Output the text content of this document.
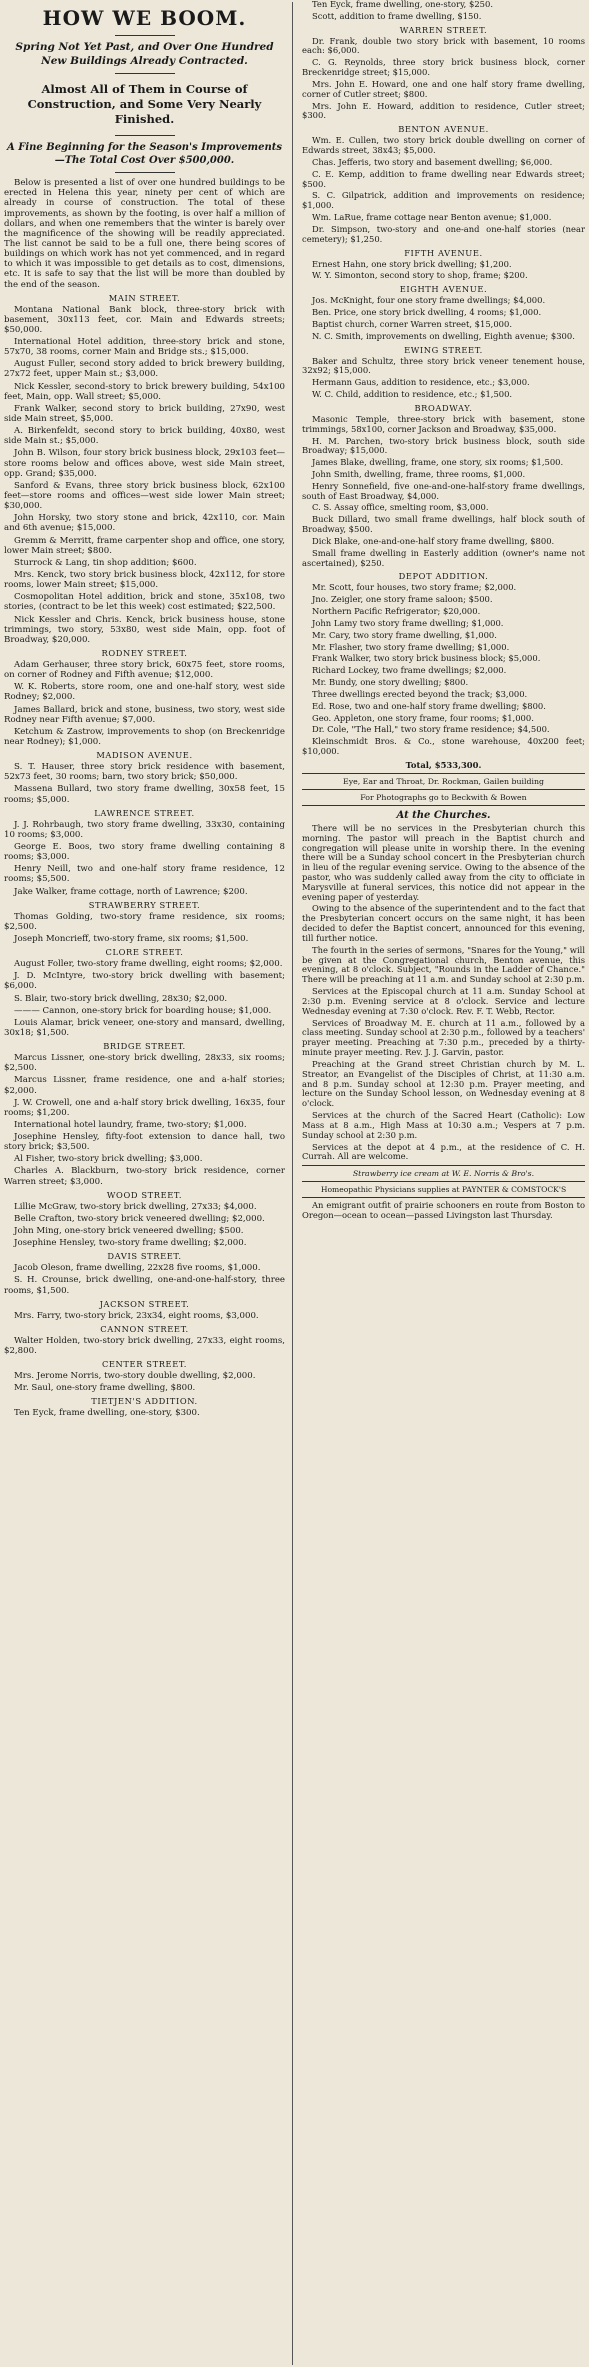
HOW WE BOOM.
Spring Not Yet Past, and Over One Hundred New Buildings Already Contracted.
Almost All of Them in Course of Construction, and Some Very Nearly Finished.
A Fine Beginning for the Season's Improvements—The Total Cost Over $500,000.

Below is presented a list of over one hundred buildings to be erected in Helena this year, ninety per cent of which are already in course of construction. The total of these improvements, as shown by the footing, is over half a million of dollars, and when one remembers that the winter is barely over the magnificence of the showing will be readily appreciated. The list cannot be said to be a full one, there being scores of buildings on which work has not yet commenced, and in regard to which it was impossible to get details as to cost, dimensions, etc. It is safe to say that the list will be more than doubled by the end of the season.

MAIN STREET.

Montana National Bank block, three-story brick with basement, 30x113 feet, cor. Main and Edwards streets; $50,000.

International Hotel addition, three-story brick and stone, 57x70, 38 rooms, corner Main and Bridge sts.; $15,000.

August Fuller, second story added to brick brewery building, 27x72 feet, upper Main st.; $3,000.

Nick Kessler, second-story to brick brewery building, 54x100 feet, Main, opp. Wall street; $5,000.

Frank Walker, second story to brick building, 27x90, west side Main street, $5,000.

A. Birkenfeldt, second story to brick building, 40x80, west side Main st.; $5,000.

John B. Wilson, four story brick business block, 29x103 feet—store rooms below and offices above, west side Main street, opp. Grand; $35,000.

Sanford & Evans, three story brick business block, 62x100 feet—store rooms and offices—west side lower Main street; $30,000.

John Horsky, two story stone and brick, 42x110, cor. Main and 6th avenue; $15,000.

Gremm & Merritt, frame carpenter shop and office, one story, lower Main street; $800.

Sturrock & Lang, tin shop addition; $600.

Mrs. Kenck, two story brick business block, 42x112, for store rooms, lower Main street; $15,000.

Cosmopolitan Hotel addition, brick and stone, 35x108, two stories, (contract to be let this week) cost estimated; $22,500.

Nick Kessler and Chris. Kenck, brick business house, stone trimmings, two story, 53x80, west side Main, opp. foot of Broadway, $20,000.

RODNEY STREET.

Adam Gerhauser, three story brick, 60x75 feet, store rooms, on corner of Rodney and Fifth avenue; $12,000.

W. K. Roberts, store room, one and one-half story, west side Rodney; $2,000.

James Ballard, brick and stone, business, two story, west side Rodney near Fifth avenue; $7,000.

Ketchum & Zastrow, improvements to shop (on Breckenridge near Rodney); $1,000.

MADISON AVENUE.

S. T. Hauser, three story brick residence with basement, 52x73 feet, 30 rooms; barn, two story brick; $50,000.

Massena Bullard, two story frame dwelling, 30x58 feet, 15 rooms; $5,000.

LAWRENCE STREET.

J. J. Rohrbaugh, two story frame dwelling, 33x30, containing 10 rooms; $3,000.

George E. Boos, two story frame dwelling containing 8 rooms; $3,000.

Henry Neill, two and one-half story frame residence, 12 rooms; $5,500.

Jake Walker, frame cottage, north of Lawrence; $200.

STRAWBERRY STREET.

Thomas Golding, two-story frame residence, six rooms; $2,500.

Joseph Moncrieff, two-story frame, six rooms; $1,500.

CLORE STREET.

August Foller, two-story frame dwelling, eight rooms; $2,000.

J. D. McIntyre, two-story brick dwelling with basement; $6,000.

S. Blair, two-story brick dwelling, 28x30; $2,000.

——— Cannon, one-story brick for boarding house; $1,000.

Louis Alamar, brick veneer, one-story and mansard, dwelling, 30x18; $1,500.

BRIDGE STREET.

Marcus Lissner, one-story brick dwelling, 28x33, six rooms; $2,500.

Marcus Lissner, frame residence, one and a-half stories; $2,000.

J. W. Crowell, one and a-half story brick dwelling, 16x35, four rooms; $1,200.

International hotel laundry, frame, two-story; $1,000.

Josephine Hensley, fifty-foot extension to dance hall, two story brick; $3,500.

Al Fisher, two-story brick dwelling; $3,000.

Charles A. Blackburn, two-story brick residence, corner Warren street; $3,000.

WOOD STREET.

Lillie McGraw, two-story brick dwelling, 27x33; $4,000.

Belle Crafton, two-story brick veneered dwelling; $2,000.

John Ming, one-story brick veneered dwelling; $500.

Josephine Hensley, two-story frame dwelling; $2,000.

DAVIS STREET.

Jacob Oleson, frame dwelling, 22x28 five rooms, $1,000.

S. H. Crounse, brick dwelling, one-and-one-half-story, three rooms, $1,500.

JACKSON STREET.

Mrs. Farry, two-story brick, 23x34, eight rooms, $3,000.

CANNON STREET.

Walter Holden, two-story brick dwelling, 27x33, eight rooms, $2,800.

CENTER STREET.

Mrs. Jerome Norris, two-story double dwelling, $2,000.

Mr. Saul, one-story frame dwelling, $800.

TIETJEN'S ADDITION.

Ten Eyck, frame dwelling, one-story, $300.

Ten Eyck, frame dwelling, one-story, $250.

Scott, addition to frame dwelling, $150.

WARREN STREET.

Dr. Frank, double two story brick with basement, 10 rooms each: $6,000.

C. G. Reynolds, three story brick business block, corner Breckenridge street; $15,000.

Mrs. John E. Howard, one and one half story frame dwelling, corner of Cutler street; $800.

Mrs. John E. Howard, addition to residence, Cutler street; $300.

BENTON AVENUE.

Wm. E. Cullen, two story brick double dwelling on corner of Edwards street, 38x43; $5,000.

Chas. Jefferis, two story and basement dwelling; $6,000.

C. E. Kemp, addition to frame dwelling near Edwards street; $500.

S. C. Gilpatrick, addition and improvements on residence; $1,000.

Wm. LaRue, frame cottage near Benton avenue; $1,000.

Dr. Simpson, two-story and one-and one-half stories (near cemetery); $1,250.

FIFTH AVENUE.

Ernest Hahn, one story brick dwelling; $1,200.

W. Y. Simonton, second story to shop, frame; $200.

EIGHTH AVENUE.

Jos. McKnight, four one story frame dwellings; $4,000.

Ben. Price, one story brick dwelling, 4 rooms; $1,000.

Baptist church, corner Warren street, $15,000.

N. C. Smith, improvements on dwelling, Eighth avenue; $300.

EWING STREET.

Baker and Schultz, three story brick veneer tenement house, 32x92; $15,000.

Hermann Gaus, addition to residence, etc.; $3,000.

W. C. Child, addition to residence, etc.; $1,500.

BROADWAY.

Masonic Temple, three-story brick with basement, stone trimmings, 58x100, corner Jackson and Broadway, $35,000.

H. M. Parchen, two-story brick business block, south side Broadway; $15,000.

James Blake, dwelling, frame, one story, six rooms; $1,500.

John Smith, dwelling, frame, three rooms, $1,000.

Henry Sonnefield, five one-and-one-half-story frame dwellings, south of East Broadway, $4,000.

C. S. Assay office, smelting room, $3,000.

Buck Dillard, two small frame dwellings, half block south of Broadway, $500.

Dick Blake, one-and-one-half story frame dwelling, $800.

Small frame dwelling in Easterly addition (owner's name not ascertained), $250.

DEPOT ADDITION.

Mr. Scott, four houses, two story frame; $2,000.

Jno. Zeigler, one story frame saloon; $500.

Northern Pacific Refrigerator; $20,000.

John Lamy two story frame dwelling; $1,000.

Mr. Cary, two story frame dwelling, $1,000.

Mr. Flasher, two story frame dwelling; $1,000.

Frank Walker, two story brick business block; $5,000.

Richard Lockey, two frame dwellings; $2,000.

Mr. Bundy, one story dwelling; $800.

Three dwellings erected beyond the track; $3,000.

Ed. Rose, two and one-half story frame dwelling; $800.

Geo. Appleton, one story frame, four rooms; $1,000.

Dr. Cole, "The Hall," two story frame residence; $4,500.

Kleinschmidt Bros. & Co., stone warehouse, 40x200 feet; $10,000.

Total, $533,300.
Eye, Ear and Throat, Dr. Rockman, Gailen building
For Photographs go to Beckwith & Bowen
At the Churches.

There will be no services in the Presbyterian church this morning. The pastor will preach in the Baptist church and congregation will please unite in worship there. In the evening there will be a Sunday school concert in the Presbyterian church in lieu of the regular evening service. Owing to the absence of the pastor, who was suddenly called away from the city to officiate in Marysville at funeral services, this notice did not appear in the evening paper of yesterday.

Owing to the absence of the superintendent and to the fact that the Presbyterian concert occurs on the same night, it has been decided to defer the Baptist concert, announced for this evening, till further notice.

The fourth in the series of sermons, "Snares for the Young," will be given at the Congregational church, Benton avenue, this evening, at 8 o'clock. Subject, "Rounds in the Ladder of Chance." There will be preaching at 11 a.m. and Sunday school at 2:30 p.m.

Services at the Episcopal church at 11 a.m. Sunday School at 2:30 p.m. Evening service at 8 o'clock. Service and lecture Wednesday evening at 7:30 o'clock. Rev. F. T. Webb, Rector.

Services of Broadway M. E. church at 11 a.m., followed by a class meeting. Sunday school at 2:30 p.m., followed by a teachers' prayer meeting. Preaching at 7:30 p.m., preceded by a thirty-minute prayer meeting. Rev. J. J. Garvin, pastor.

Preaching at the Grand street Christian church by M. L. Streator, an Evangelist of the Disciples of Christ, at 11:30 a.m. and 8 p.m. Sunday school at 12:30 p.m. Prayer meeting, and lecture on the Sunday School lesson, on Wednesday evening at 8 o'clock.

Services at the church of the Sacred Heart (Catholic): Low Mass at 8 a.m., High Mass at 10:30 a.m.; Vespers at 7 p.m. Sunday school at 2:30 p.m.

Services at the depot at 4 p.m., at the residence of C. H. Currah. All are welcome.

Strawberry ice cream at W. E. Norris & Bro's.
Homeopathic Physicians supplies at PAYNTER & COMSTOCK'S

An emigrant outfit of prairie schooners en route from Boston to Oregon—ocean to ocean—passed Livingston last Thursday.
